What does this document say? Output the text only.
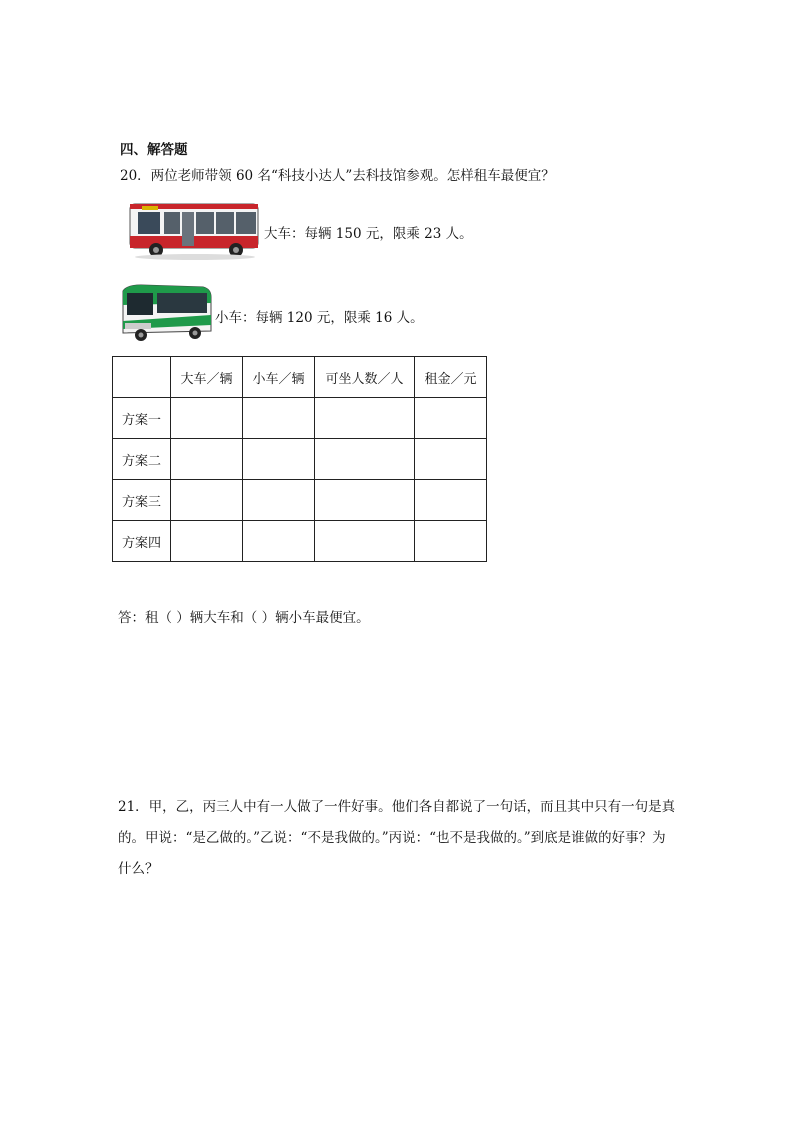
四、解答题
20．两位老师带领 60 名“科技小达人”去科技馆参观。怎样租车最便宜？
大车：每辆 150 元，限乘 23 人。
小车：每辆 120 元，限乘 16 人。
	大车／辆	小车／辆	可坐人数／人	租金／元
方案一				
方案二				
方案三				
方案四				
答：租（ ）辆大车和（ ）辆小车最便宜。
21．甲，乙，丙三人中有一人做了一件好事。他们各自都说了一句话，而且其中只有一句是真的。甲说：“是乙做的。”乙说：“不是我做的。”丙说：“也不是我做的。”到底是谁做的好事？为什么？
